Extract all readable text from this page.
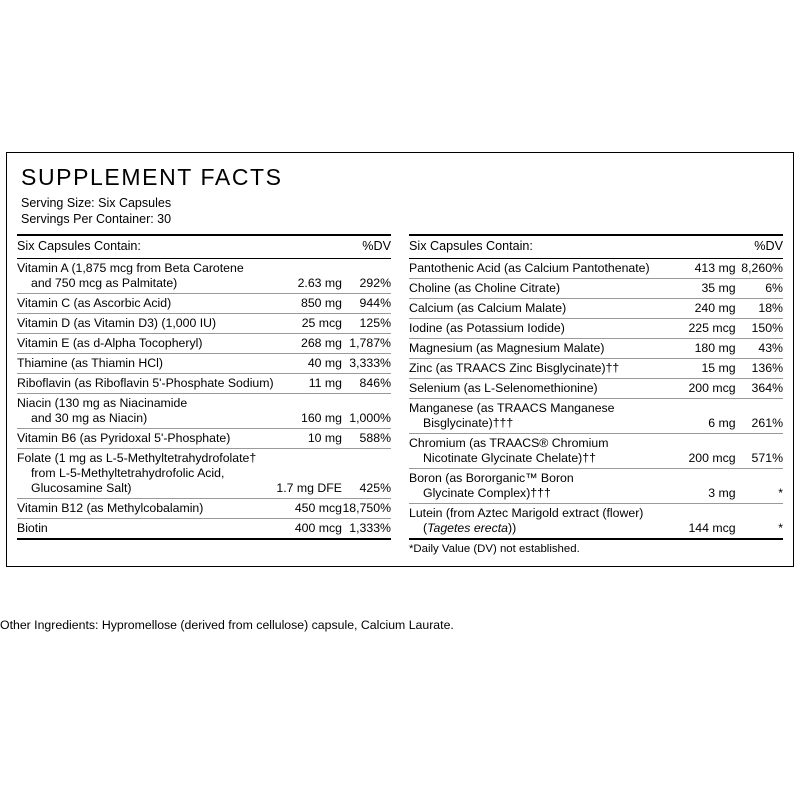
SUPPLEMENT FACTS
Serving Size: Six Capsules
Servings Per Container: 30
Six Capsules Contain:	%DV	
Vitamin A (1,875 mcg from Beta Carotene
and 750 mcg as Palmitate)	2.63 mg	292%
Vitamin C (as Ascorbic Acid)	850 mg	944%
Vitamin D (as Vitamin D3) (1,000 IU)	25 mcg	125%
Vitamin E (as d-Alpha Tocopheryl)	268 mg	1,787%
Thiamine (as Thiamin HCl)	40 mg	3,333%
Riboflavin (as Riboflavin 5'-Phosphate Sodium)	11 mg	846%
Niacin (130 mg as Niacinamide
and 30 mg as Niacin)	160 mg	1,000%
Vitamin B6 (as Pyridoxal 5'-Phosphate)	10 mg	588%
Folate (1 mg as L-5-Methyltetrahydrofolate†
from L-5-Methyltetrahydrofolic Acid,
Glucosamine Salt)	1.7 mg DFE	425%
Vitamin B12 (as Methylcobalamin)	450 mcg	18,750%
Biotin	400 mcg	1,333%
Six Capsules Contain:	%DV	
Pantothenic Acid (as Calcium Pantothenate)	413 mg	8,260%
Choline (as Choline Citrate)	35 mg	6%
Calcium (as Calcium Malate)	240 mg	18%
Iodine (as Potassium Iodide)	225 mcg	150%
Magnesium (as Magnesium Malate)	180 mg	43%
Zinc (as TRAACS Zinc Bisglycinate)††	15 mg	136%
Selenium (as L-Selenomethionine)	200 mcg	364%
Manganese (as TRAACS Manganese
Bisglycinate)†††	6 mg	261%
Chromium (as TRAACS® Chromium
Nicotinate Glycinate Chelate)††	200 mcg	571%
Boron (as Bororganic™ Boron
Glycinate Complex)†††	3 mg	*
Lutein (from Aztec Marigold extract (flower)
(Tagetes erecta))	144 mcg	*
*Daily Value (DV) not established.		
Other Ingredients: Hypromellose (derived from cellulose) capsule, Calcium Laurate.
